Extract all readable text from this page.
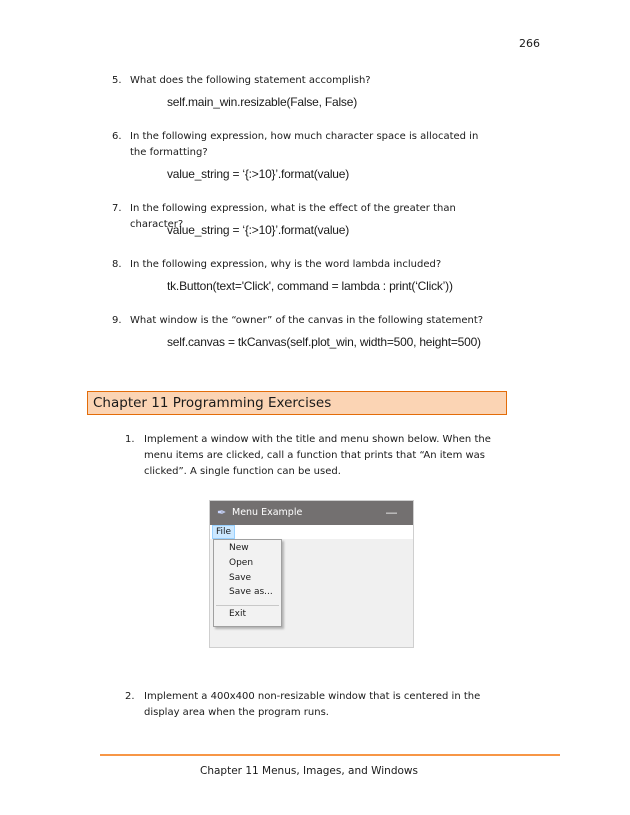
266
5. What does the following statement accomplish?
self.main_win.resizable(False, False)
6. In the following expression, how much character space is allocated in the formatting?
value_string = ‘{:>10}’.format(value)
7. In the following expression, what is the effect of the greater than character?
value_string = ‘{:>10}’.format(value)
8. In the following expression, why is the word lambda included?
tk.Button(text='Click', command = lambda : print(‘Click’))
9. What window is the “owner” of the canvas in the following statement?
self.canvas = tkCanvas(self.plot_win, width=500, height=500)
Chapter 11 Programming Exercises
1. Implement a window with the title and menu shown below. When the menu items are clicked, call a function that prints that “An item was clicked”. A single function can be used.
✒ Menu Example	—
File
New
Open
Save
Save as...
Exit
2. Implement a 400x400 non-resizable window that is centered in the display area when the program runs.
Chapter 11 Menus, Images, and Windows
